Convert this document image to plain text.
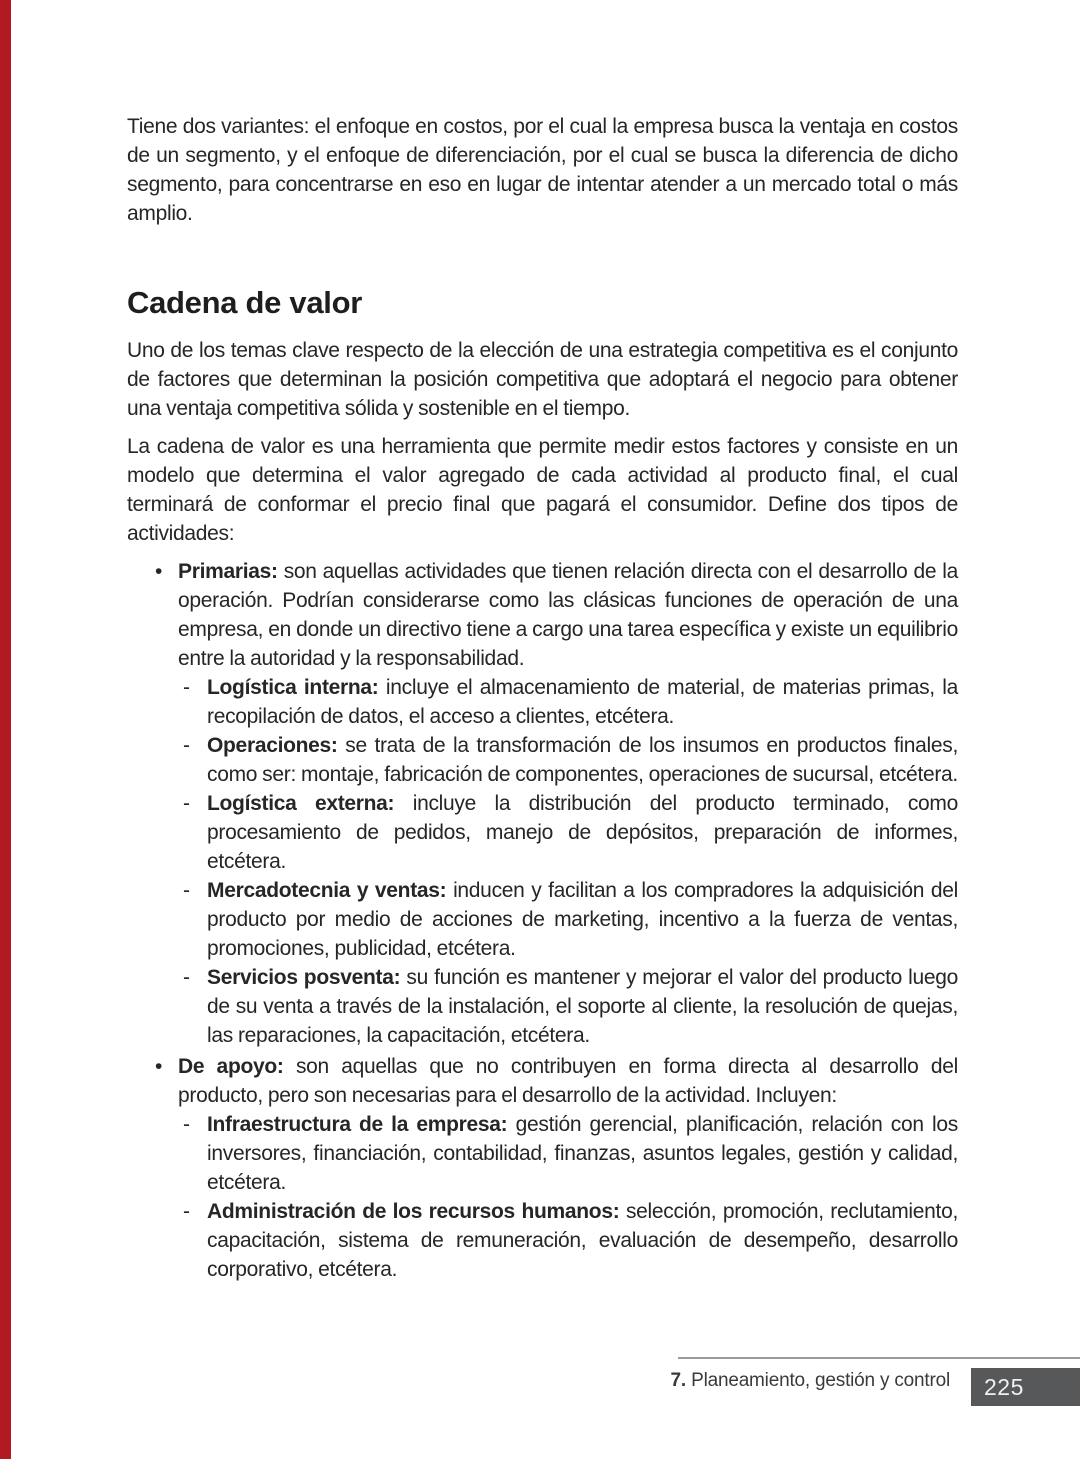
Tiene dos variantes: el enfoque en costos, por el cual la empresa busca la ventaja en costos de un segmento, y el enfoque de diferenciación, por el cual se busca la diferencia de dicho segmento, para concentrarse en eso en lugar de intentar atender a un mercado total o más amplio.

Cadena de valor

Uno de los temas clave respecto de la elección de una estrategia competitiva es el conjunto de factores que determinan la posición competitiva que adoptará el negocio para obtener una ventaja competitiva sólida y sostenible en el tiempo.

La cadena de valor es una herramienta que permite medir estos factores y consiste en un modelo que determina el valor agregado de cada actividad al producto final, el cual terminará de conformar el precio final que pagará el consumidor. Define dos tipos de actividades:

• Primarias: son aquellas actividades que tienen relación directa con el desarrollo de la operación. Podrían considerarse como las clásicas funciones de operación de una empresa, en donde un directivo tiene a cargo una tarea específica y existe un equilibrio entre la autoridad y la responsabilidad.
- Logística interna: incluye el almacenamiento de material, de materias primas, la recopilación de datos, el acceso a clientes, etcétera.
- Operaciones: se trata de la transformación de los insumos en productos finales, como ser: montaje, fabricación de componentes, operaciones de sucursal, etcétera.
- Logística externa: incluye la distribución del producto terminado, como procesamiento de pedidos, manejo de depósitos, preparación de informes, etcétera.
- Mercadotecnia y ventas: inducen y facilitan a los compradores la adquisición del producto por medio de acciones de marketing, incentivo a la fuerza de ventas, promociones, publicidad, etcétera.
- Servicios posventa: su función es mantener y mejorar el valor del producto luego de su venta a través de la instalación, el soporte al cliente, la resolución de quejas, las reparaciones, la capacitación, etcétera.
• De apoyo: son aquellas que no contribuyen en forma directa al desarrollo del producto, pero son necesarias para el desarrollo de la actividad. Incluyen:
- Infraestructura de la empresa: gestión gerencial, planificación, relación con los inversores, financiación, contabilidad, finanzas, asuntos legales, gestión y calidad, etcétera.
- Administración de los recursos humanos: selección, promoción, reclutamiento, capacitación, sistema de remuneración, evaluación de desempeño, desarrollo corporativo, etcétera.
7. Planeamiento, gestión y control 225
